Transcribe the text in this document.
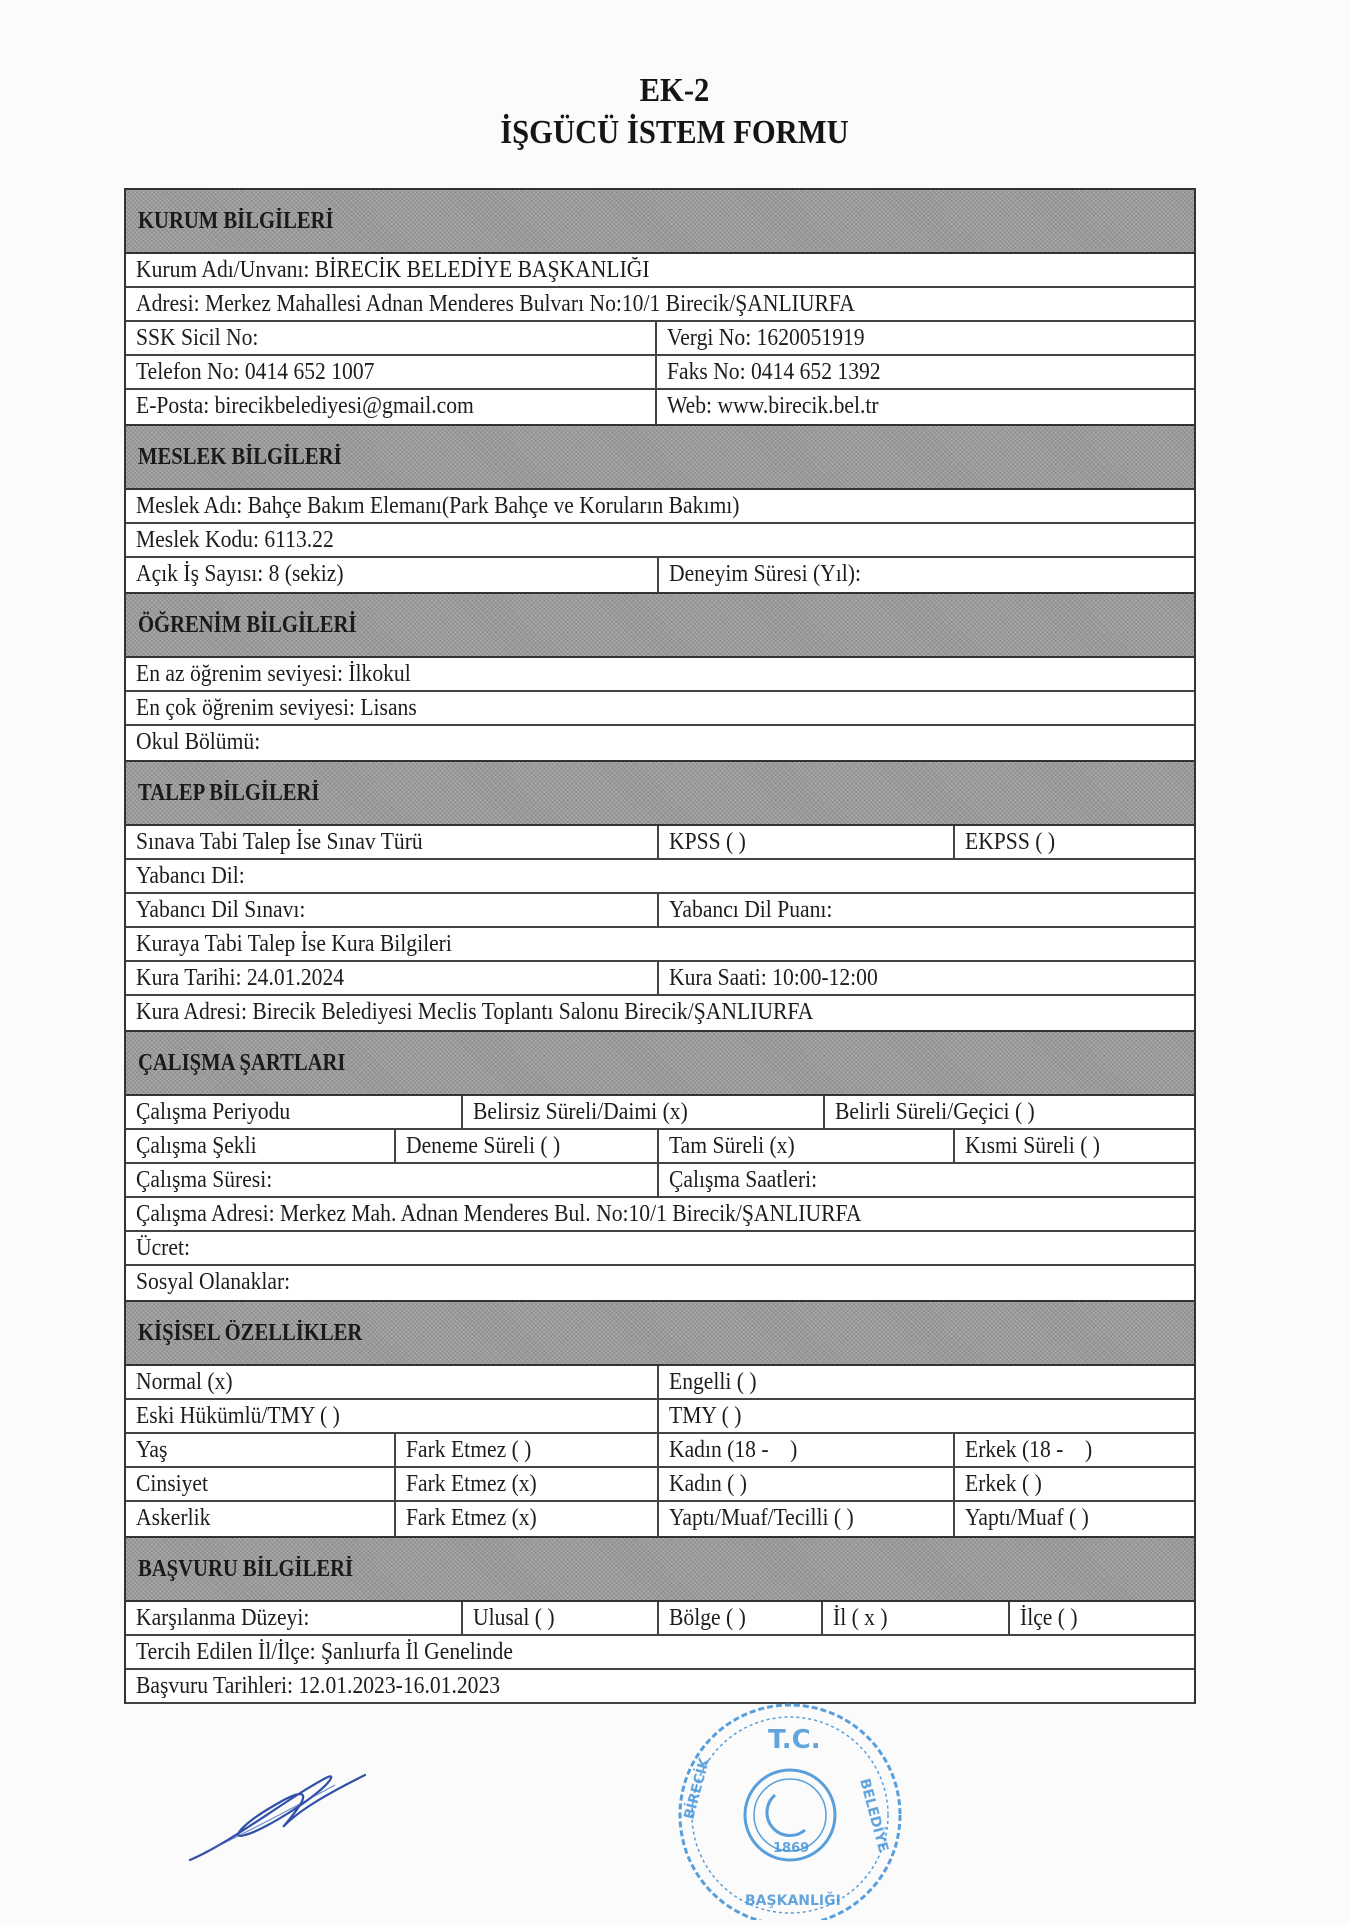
EK-2
İŞGÜCÜ İSTEM FORMU
KURUM BİLGİLERİ
Kurum Adı/Unvanı: BİRECİK BELEDİYE BAŞKANLIĞI
Adresi: Merkez Mahallesi Adnan Menderes Bulvarı No:10/1 Birecik/ŞANLIURFA
SSK Sicil No:	Vergi No: 1620051919
Telefon No: 0414 652 1007	Faks No: 0414 652 1392
E-Posta: birecikbelediyesi@gmail.com	Web: www.birecik.bel.tr
MESLEK BİLGİLERİ
Meslek Adı: Bahçe Bakım Elemanı(Park Bahçe ve Koruların Bakımı)
Meslek Kodu: 6113.22
Açık İş Sayısı: 8 (sekiz)	Deneyim Süresi (Yıl):
ÖĞRENİM BİLGİLERİ
En az öğrenim seviyesi: İlkokul
En çok öğrenim seviyesi: Lisans
Okul Bölümü:
TALEP BİLGİLERİ
Sınava Tabi Talep İse Sınav Türü	KPSS ( )	EKPSS ( )
Yabancı Dil:
Yabancı Dil Sınavı:	Yabancı Dil Puanı:
Kuraya Tabi Talep İse Kura Bilgileri
Kura Tarihi: 24.01.2024	Kura Saati: 10:00-12:00
Kura Adresi: Birecik Belediyesi Meclis Toplantı Salonu Birecik/ŞANLIURFA
ÇALIŞMA ŞARTLARI
Çalışma Periyodu	Belirsiz Süreli/Daimi (x)	Belirli Süreli/Geçici ( )
Çalışma Şekli	Deneme Süreli ( )	Tam Süreli (x)	Kısmi Süreli ( )
Çalışma Süresi:	Çalışma Saatleri:
Çalışma Adresi: Merkez Mah. Adnan Menderes Bul. No:10/1 Birecik/ŞANLIURFA
Ücret:
Sosyal Olanaklar:
KİŞİSEL ÖZELLİKLER
Normal (x)	Engelli ( )
Eski Hükümlü/TMY ( )	TMY ( )
Yaş	Fark Etmez ( )	Kadın (18 -    )	Erkek (18 -    )
Cinsiyet	Fark Etmez (x)	Kadın ( )	Erkek ( )
Askerlik	Fark Etmez (x)	Yaptı/Muaf/Tecilli ( )	Yaptı/Muaf ( )
BAŞVURU BİLGİLERİ
Karşılanma Düzeyi:	Ulusal ( )	Bölge ( )	İl ( x )	İlçe ( )
Tercih Edilen İl/İlçe: Şanlıurfa İl Genelinde
Başvuru Tarihleri: 12.01.2023-16.01.2023
T.C.
1869
BİRECİK	BELEDİYE
BAŞKANLIĞI
